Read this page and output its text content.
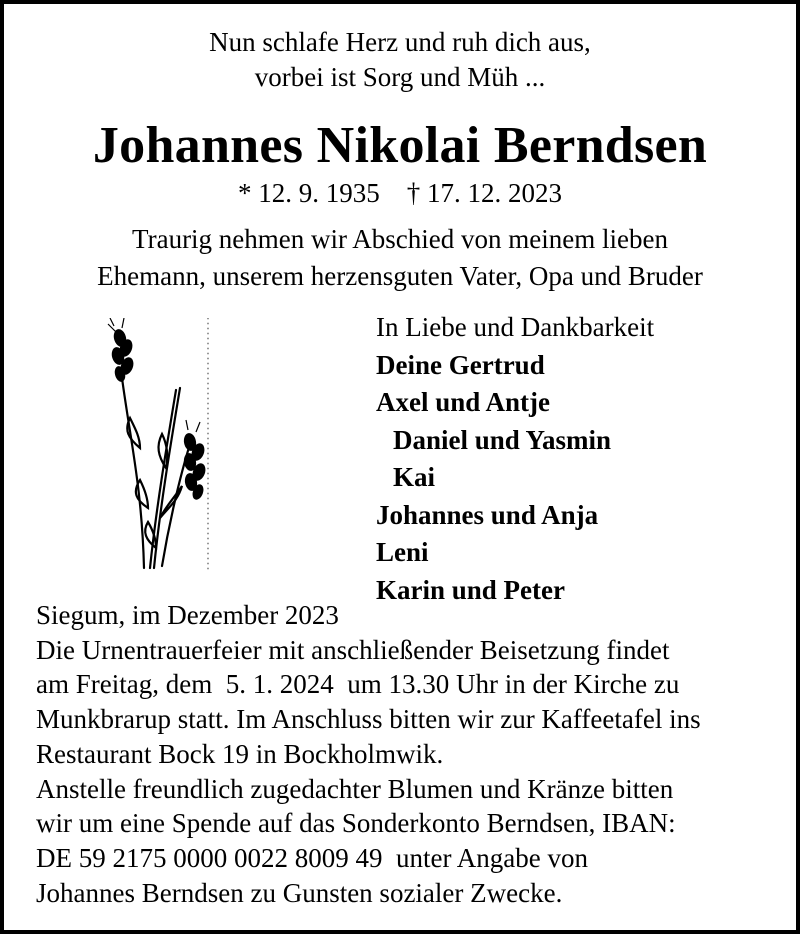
Nun schlafe Herz und ruh dich aus,
vorbei ist Sorg und Müh ...
Johannes Nikolai Berndsen
* 12. 9. 1935    † 17. 12. 2023
Traurig nehmen wir Abschied von meinem lieben
Ehemann, unserem herzensguten Vater, Opa und Bruder
In Liebe und Dankbarkeit
Deine Gertrud
Axel und Antje
Daniel und Yasmin
Kai
Johannes und Anja
Leni
Karin und Peter
Siegum, im Dezember 2023
Die Urnentrauerfeier mit anschließender Beisetzung findet
am Freitag, dem  5. 1. 2024  um 13.30 Uhr in der Kirche zu
Munkbrarup statt. Im Anschluss bitten wir zur Kaffeetafel ins
Restaurant Bock 19 in Bockholmwik.
Anstelle freundlich zugedachter Blumen und Kränze bitten
wir um eine Spende auf das Sonderkonto Berndsen, IBAN:
DE 59 2175 0000 0022 8009 49  unter Angabe von
Johannes Berndsen zu Gunsten sozialer Zwecke.
